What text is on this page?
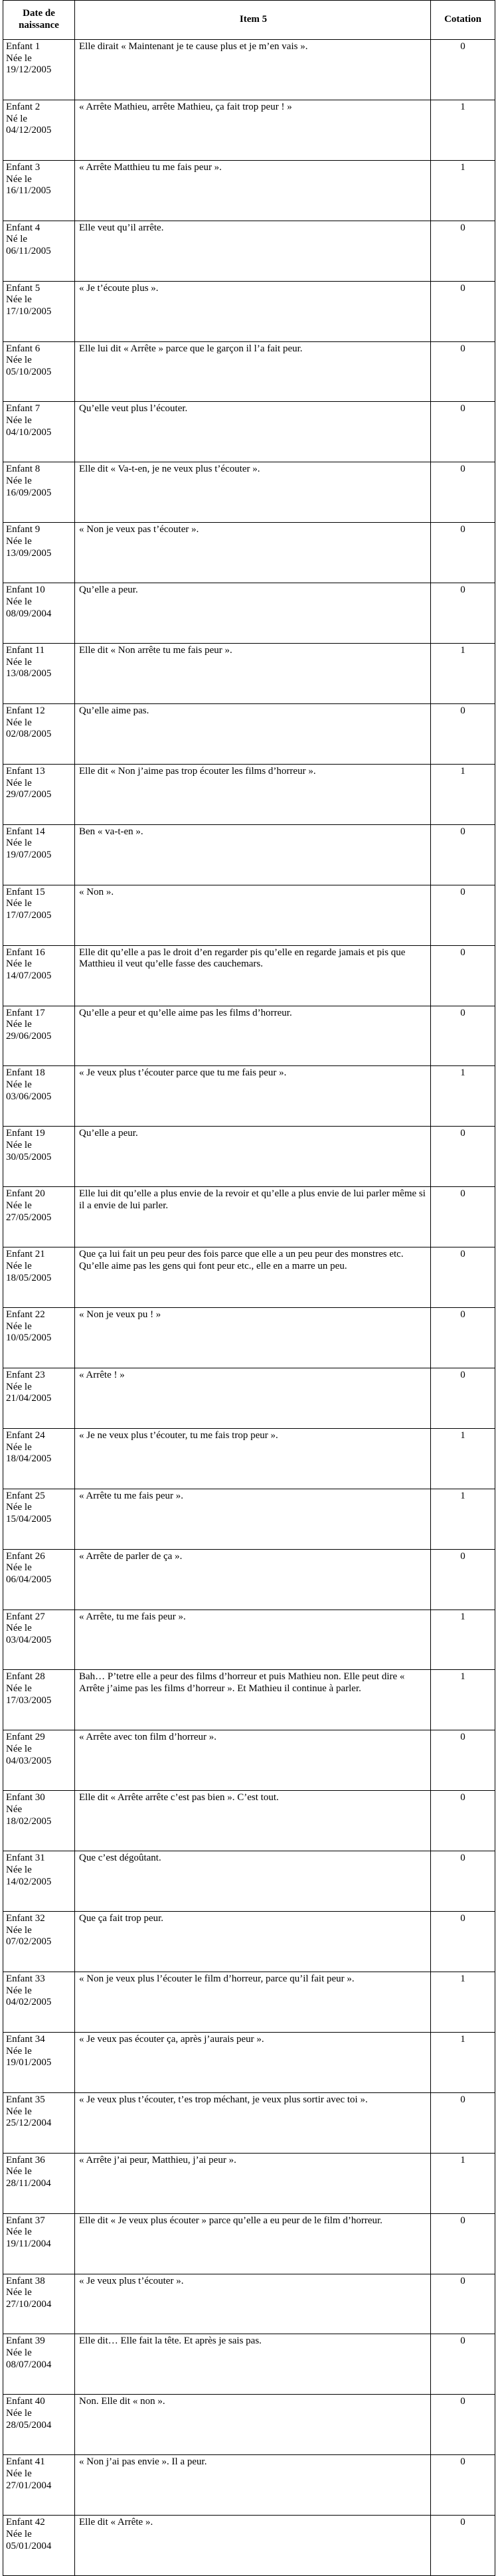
Date de naissance
Item 5	Cotation
Enfant 1
Née le
19/12/2005
Elle dirait « Maintenant je te cause plus et je m’en vais ».	0
Enfant 2
Né le
04/12/2005
« Arrête Mathieu, arrête Mathieu, ça fait trop peur ! »	1
Enfant 3
Née le
16/11/2005
« Arrête Matthieu tu me fais peur ».	1
Enfant 4
Né le
06/11/2005
Elle veut qu’il arrête.	0
Enfant 5
Née le
17/10/2005
« Je t’écoute plus ».	0
Enfant 6
Née le
05/10/2005
Elle lui dit « Arrête » parce que le garçon il l’a fait peur.	0
Enfant 7
Née le
04/10/2005
Qu’elle veut plus l’écouter.	0
Enfant 8
Née le
16/09/2005
Elle dit « Va-t-en, je ne veux plus t’écouter ».	0
Enfant 9
Née le
13/09/2005
« Non je veux pas t’écouter ».	0
Enfant 10
Née le
08/09/2004
Qu’elle a peur.	0
Enfant 11
Née le
13/08/2005
Elle dit « Non arrête tu me fais peur ».	1
Enfant 12
Née le
02/08/2005
Qu’elle aime pas.	0
Enfant 13
Née le
29/07/2005
Elle dit « Non j’aime pas trop écouter les films d’horreur ».	1
Enfant 14
Née le
19/07/2005
Ben « va-t-en ».	0
Enfant 15
Née le
17/07/2005
« Non ».	0
Enfant 16
Née le
14/07/2005
Elle dit qu’elle a pas le droit d’en regarder pis qu’elle en regarde jamais et pis que Matthieu il veut qu’elle fasse des cauchemars.
0
Enfant 17
Née le
29/06/2005
Qu’elle a peur et qu’elle aime pas les films d’horreur.	0
Enfant 18
Née le
03/06/2005
« Je veux plus t’écouter parce que tu me fais peur ».	1
Enfant 19
Née le
30/05/2005
Qu’elle a peur.	0
Enfant 20
Née le
27/05/2005
Elle lui dit qu’elle a plus envie de la revoir et qu’elle a plus envie de lui parler même si il a envie de lui parler.
0
Enfant 21
Née le
18/05/2005
Que ça lui fait un peu peur des fois parce que elle a un peu peur des monstres etc. Qu’elle aime pas les gens qui font peur etc., elle en a marre un peu.
0
Enfant 22
Née le
10/05/2005
« Non je veux pu ! »	0
Enfant 23
Née le
21/04/2005
« Arrête ! »	0
Enfant 24
Née le
18/04/2005
« Je ne veux plus t’écouter, tu me fais trop peur ».	1
Enfant 25
Née le
15/04/2005
« Arrête tu me fais peur ».	1
Enfant 26
Née le
06/04/2005
« Arrête de parler de ça ».	0
Enfant 27
Née le
03/04/2005
« Arrête, tu me fais peur ».	1
Enfant 28
Née le
17/03/2005
Bah… P’tetre elle a peur des films d’horreur et puis Mathieu non. Elle peut dire « Arrête j’aime pas les films d’horreur ». Et Mathieu il continue à parler.
1
Enfant 29
Née le
04/03/2005
« Arrête avec ton film d’horreur ».	0
Enfant 30
Née
18/02/2005
Elle dit « Arrête arrête c’est pas bien ». C’est tout.	0
Enfant 31
Née le
14/02/2005
Que c’est dégoûtant.	0
Enfant 32
Née le
07/02/2005
Que ça fait trop peur.	0
Enfant 33
Née le
04/02/2005
« Non je veux plus l’écouter le film d’horreur, parce qu’il fait peur ».	1
Enfant 34
Née le
19/01/2005
« Je veux pas écouter ça, après j’aurais peur ».	1
Enfant 35
Née le
25/12/2004
« Je veux plus t’écouter, t’es trop méchant, je veux plus sortir avec toi ».	0
Enfant 36
Née le
28/11/2004
« Arrête j’ai peur, Matthieu, j’ai peur ».	1
Enfant 37
Née le
19/11/2004
Elle dit « Je veux plus écouter » parce qu’elle a eu peur de le film d’horreur.	0
Enfant 38
Née le
27/10/2004
« Je veux plus t’écouter ».	0
Enfant 39
Née le
08/07/2004
Elle dit… Elle fait la tête. Et après je sais pas.	0
Enfant 40
Née le
28/05/2004
Non. Elle dit « non ».	0
Enfant 41
Née le
27/01/2004
« Non j’ai pas envie ». Il a peur.	0
Enfant 42
Née le
05/01/2004
Elle dit « Arrête ».	0
